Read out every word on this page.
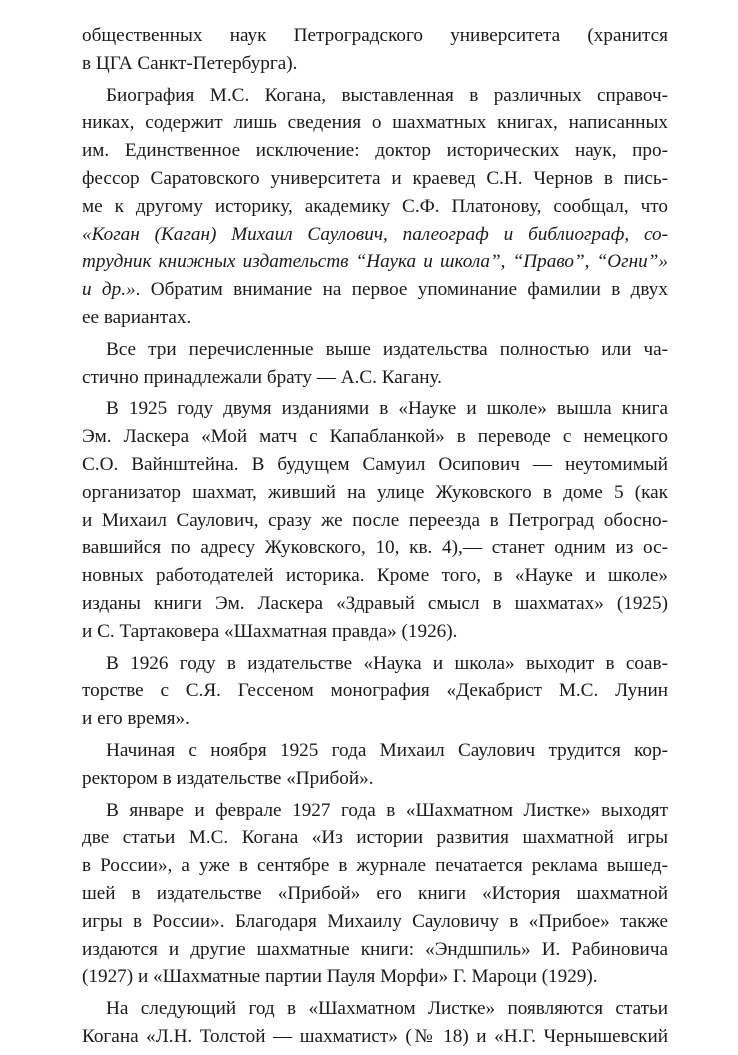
общественных наук Петроградского университета (хранится
в ЦГА Санкт-Петербурга).
Биография М.С. Когана, выставленная в различных справоч-
никах, содержит лишь сведения о шахматных книгах, написанных
им. Единственное исключение: доктор исторических наук, про-
фессор Саратовского университета и краевед С.Н. Чернов в пись-
ме к другому историку, академику С.Ф. Платонову, сообщал, что
«Коган (Каган) Михаил Саулович, палеограф и библиограф, со-
трудник книжных издательств “Наука и школа”, “Право”, “Огни”»
и др.». Обратим внимание на первое упоминание фамилии в двух
ее вариантах.
Все три перечисленные выше издательства полностью или ча-
стично принадлежали брату — А.С. Кагану.
В 1925 году двумя изданиями в «Науке и школе» вышла книга
Эм. Ласкера «Мой матч с Капабланкой» в переводе с немецкого
С.О. Вайнштейна. В будущем Самуил Осипович — неутомимый
организатор шахмат, живший на улице Жуковского в доме 5 (как
и Михаил Саулович, сразу же после переезда в Петроград обосно-
вавшийся по адресу Жуковского, 10, кв. 4),— станет одним из ос-
новных работодателей историка. Кроме того, в «Науке и школе»
изданы книги Эм. Ласкера «Здравый смысл в шахматах» (1925)
и С. Тартаковера «Шахматная правда» (1926).
В 1926 году в издательстве «Наука и школа» выходит в соав-
торстве с С.Я. Гессеном монография «Декабрист М.С. Лунин
и его время».
Начиная с ноября 1925 года Михаил Саулович трудится кор-
ректором в издательстве «Прибой».
В январе и феврале 1927 года в «Шахматном Листке» выходят
две статьи М.С. Когана «Из истории развития шахматной игры
в России», а уже в сентябре в журнале печатается реклама вышед-
шей в издательстве «Прибой» его книги «История шахматной
игры в России». Благодаря Михаилу Сауловичу в «Прибое» также
издаются и другие шахматные книги: «Эндшпиль» И. Рабиновича
(1927) и «Шахматные партии Пауля Морфи» Г. Мароци (1929).
На следующий год в «Шахматном Листке» появляются статьи
Когана «Л.Н. Толстой — шахматист» (№ 18) и «Н.Г. Чернышевский
